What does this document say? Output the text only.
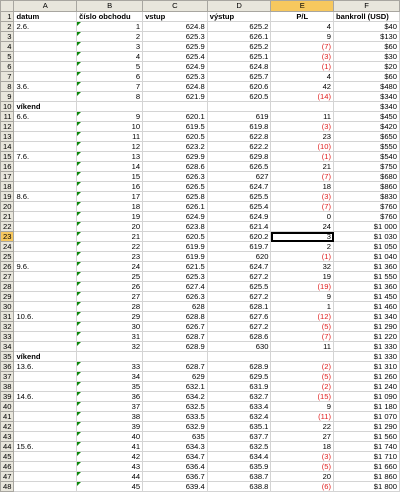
	A	B	C	D	E	F
1	datum	číslo obchodu	vstup	výstup	P/L	bankroll (USD)
2	2.6.	1	624.8	625.2	4	$40
3		2	625.3	626.1	9	$130
4		3	625.9	625.2	(7)	$60
5		4	625.4	625.1	(3)	$30
6		5	624.9	624.8	(1)	$20
7		6	625.3	625.7	4	$60
8	3.6.	7	624.8	620.6	42	$480
9		8	621.9	620.5	(14)	$340
10	víkend					$340
11	6.6.	9	620.1	619	11	$450
12		10	619.5	619.8	(3)	$420
13		11	620.5	622.8	23	$650
14		12	623.2	622.2	(10)	$550
15	7.6.	13	629.9	629.8	(1)	$540
16		14	628.6	626.5	21	$750
17		15	626.3	627	(7)	$680
18		16	626.5	624.7	18	$860
19	8.6.	17	625.8	625.5	(3)	$830
20		18	626.1	625.4	(7)	$760
21		19	624.9	624.9	0	$760
22		20	623.8	621.4	24	$1 000
23		21	620.5	620.2	3	$1 030
24		22	619.9	619.7	2	$1 050
25		23	619.9	620	(1)	$1 040
26	9.6.	24	621.5	624.7	32	$1 360
27		25	625.3	627.2	19	$1 550
28		26	627.4	625.5	(19)	$1 360
29		27	626.3	627.2	9	$1 450
30		28	628	628.1	1	$1 460
31	10.6.	29	628.8	627.6	(12)	$1 340
32		30	626.7	627.2	(5)	$1 290
33		31	628.7	628.6	(7)	$1 220
34		32	628.9	630	11	$1 330
35	víkend					$1 330
36	13.6.	33	628.7	628.9	(2)	$1 310
37		34	629	629.5	(5)	$1 260
38		35	632.1	631.9	(2)	$1 240
39	14.6.	36	634.2	632.7	(15)	$1 090
40		37	632.5	633.4	9	$1 180
41		38	633.5	632.4	(11)	$1 070
42		39	632.9	635.1	22	$1 290
43		40	635	637.7	27	$1 560
44	15.6.	41	634.3	632.5	18	$1 740
45		42	634.7	634.4	(3)	$1 710
46		43	636.4	635.9	(5)	$1 660
47		44	636.7	638.7	20	$1 860
48		45	639.4	638.8	(6)	$1 800
